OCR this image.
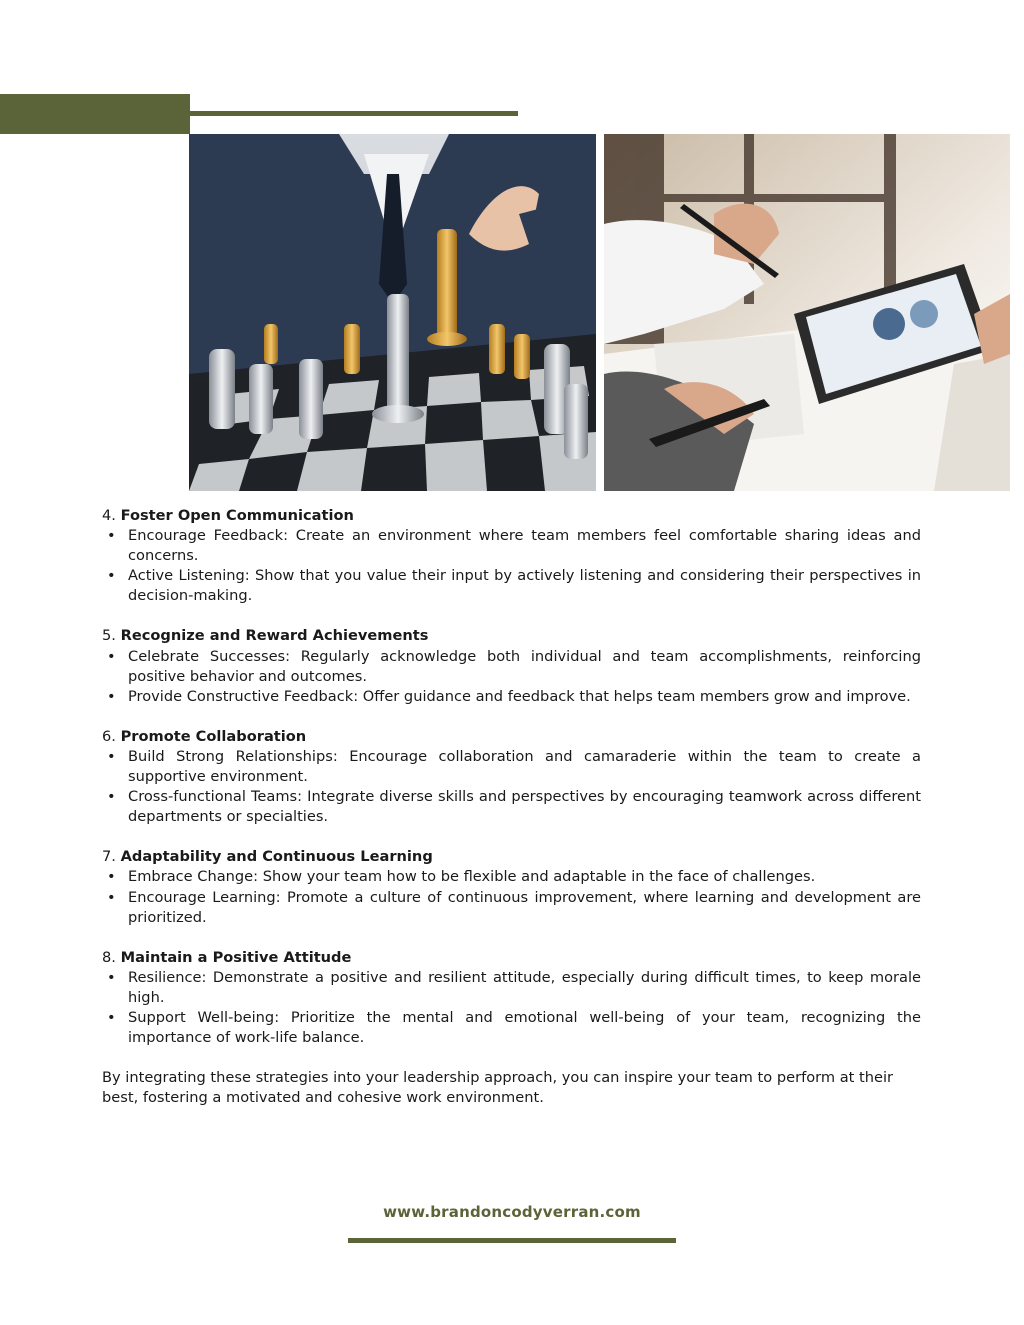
4. Foster Open Communication

• Encourage Feedback: Create an environment where team members feel comfortable sharing ideas and concerns.
• Active Listening: Show that you value their input by actively listening and considering their perspectives in decision-making.

5. Recognize and Reward Achievements

• Celebrate Successes: Regularly acknowledge both individual and team accomplishments, reinforcing positive behavior and outcomes.
• Provide Constructive Feedback: Offer guidance and feedback that helps team members grow and improve.

6. Promote Collaboration

• Build Strong Relationships: Encourage collaboration and camaraderie within the team to create a supportive environment.
• Cross-functional Teams: Integrate diverse skills and perspectives by encouraging teamwork across different departments or specialties.

7. Adaptability and Continuous Learning

• Embrace Change: Show your team how to be flexible and adaptable in the face of challenges.
• Encourage Learning: Promote a culture of continuous improvement, where learning and development are prioritized.

8. Maintain a Positive Attitude

• Resilience: Demonstrate a positive and resilient attitude, especially during difficult times, to keep morale high.
• Support Well-being: Prioritize the mental and emotional well-being of your team, recognizing the importance of work-life balance.

By integrating these strategies into your leadership approach, you can inspire your team to perform at their best, fostering a motivated and cohesive work environment.

www.brandoncodyverran.com
